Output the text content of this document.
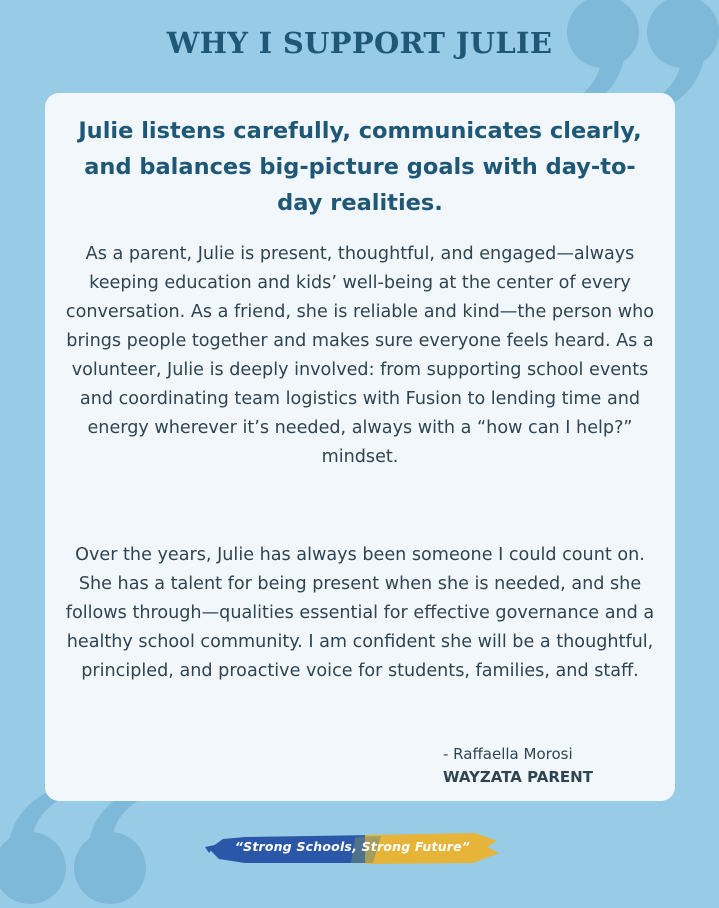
WHY I SUPPORT JULIE
Julie listens carefully, communicates clearly, and balances big-picture goals with day-to-day realities.

As a parent, Julie is present, thoughtful, and engaged—always keeping education and kids’ well-being at the center of every conversation. As a friend, she is reliable and kind—the person who brings people together and makes sure everyone feels heard. As a volunteer, Julie is deeply involved: from supporting school events and coordinating team logistics with Fusion to lending time and energy wherever it’s needed, always with a “how can I help?” mindset.

Over the years, Julie has always been someone I could count on. She has a talent for being present when she is needed, and she follows through—qualities essential for effective governance and a healthy school community. I am confident she will be a thoughtful, principled, and proactive voice for students, families, and staff.

- Raffaella Morosi
WAYZATA PARENT
“Strong Schools, Strong Future”
